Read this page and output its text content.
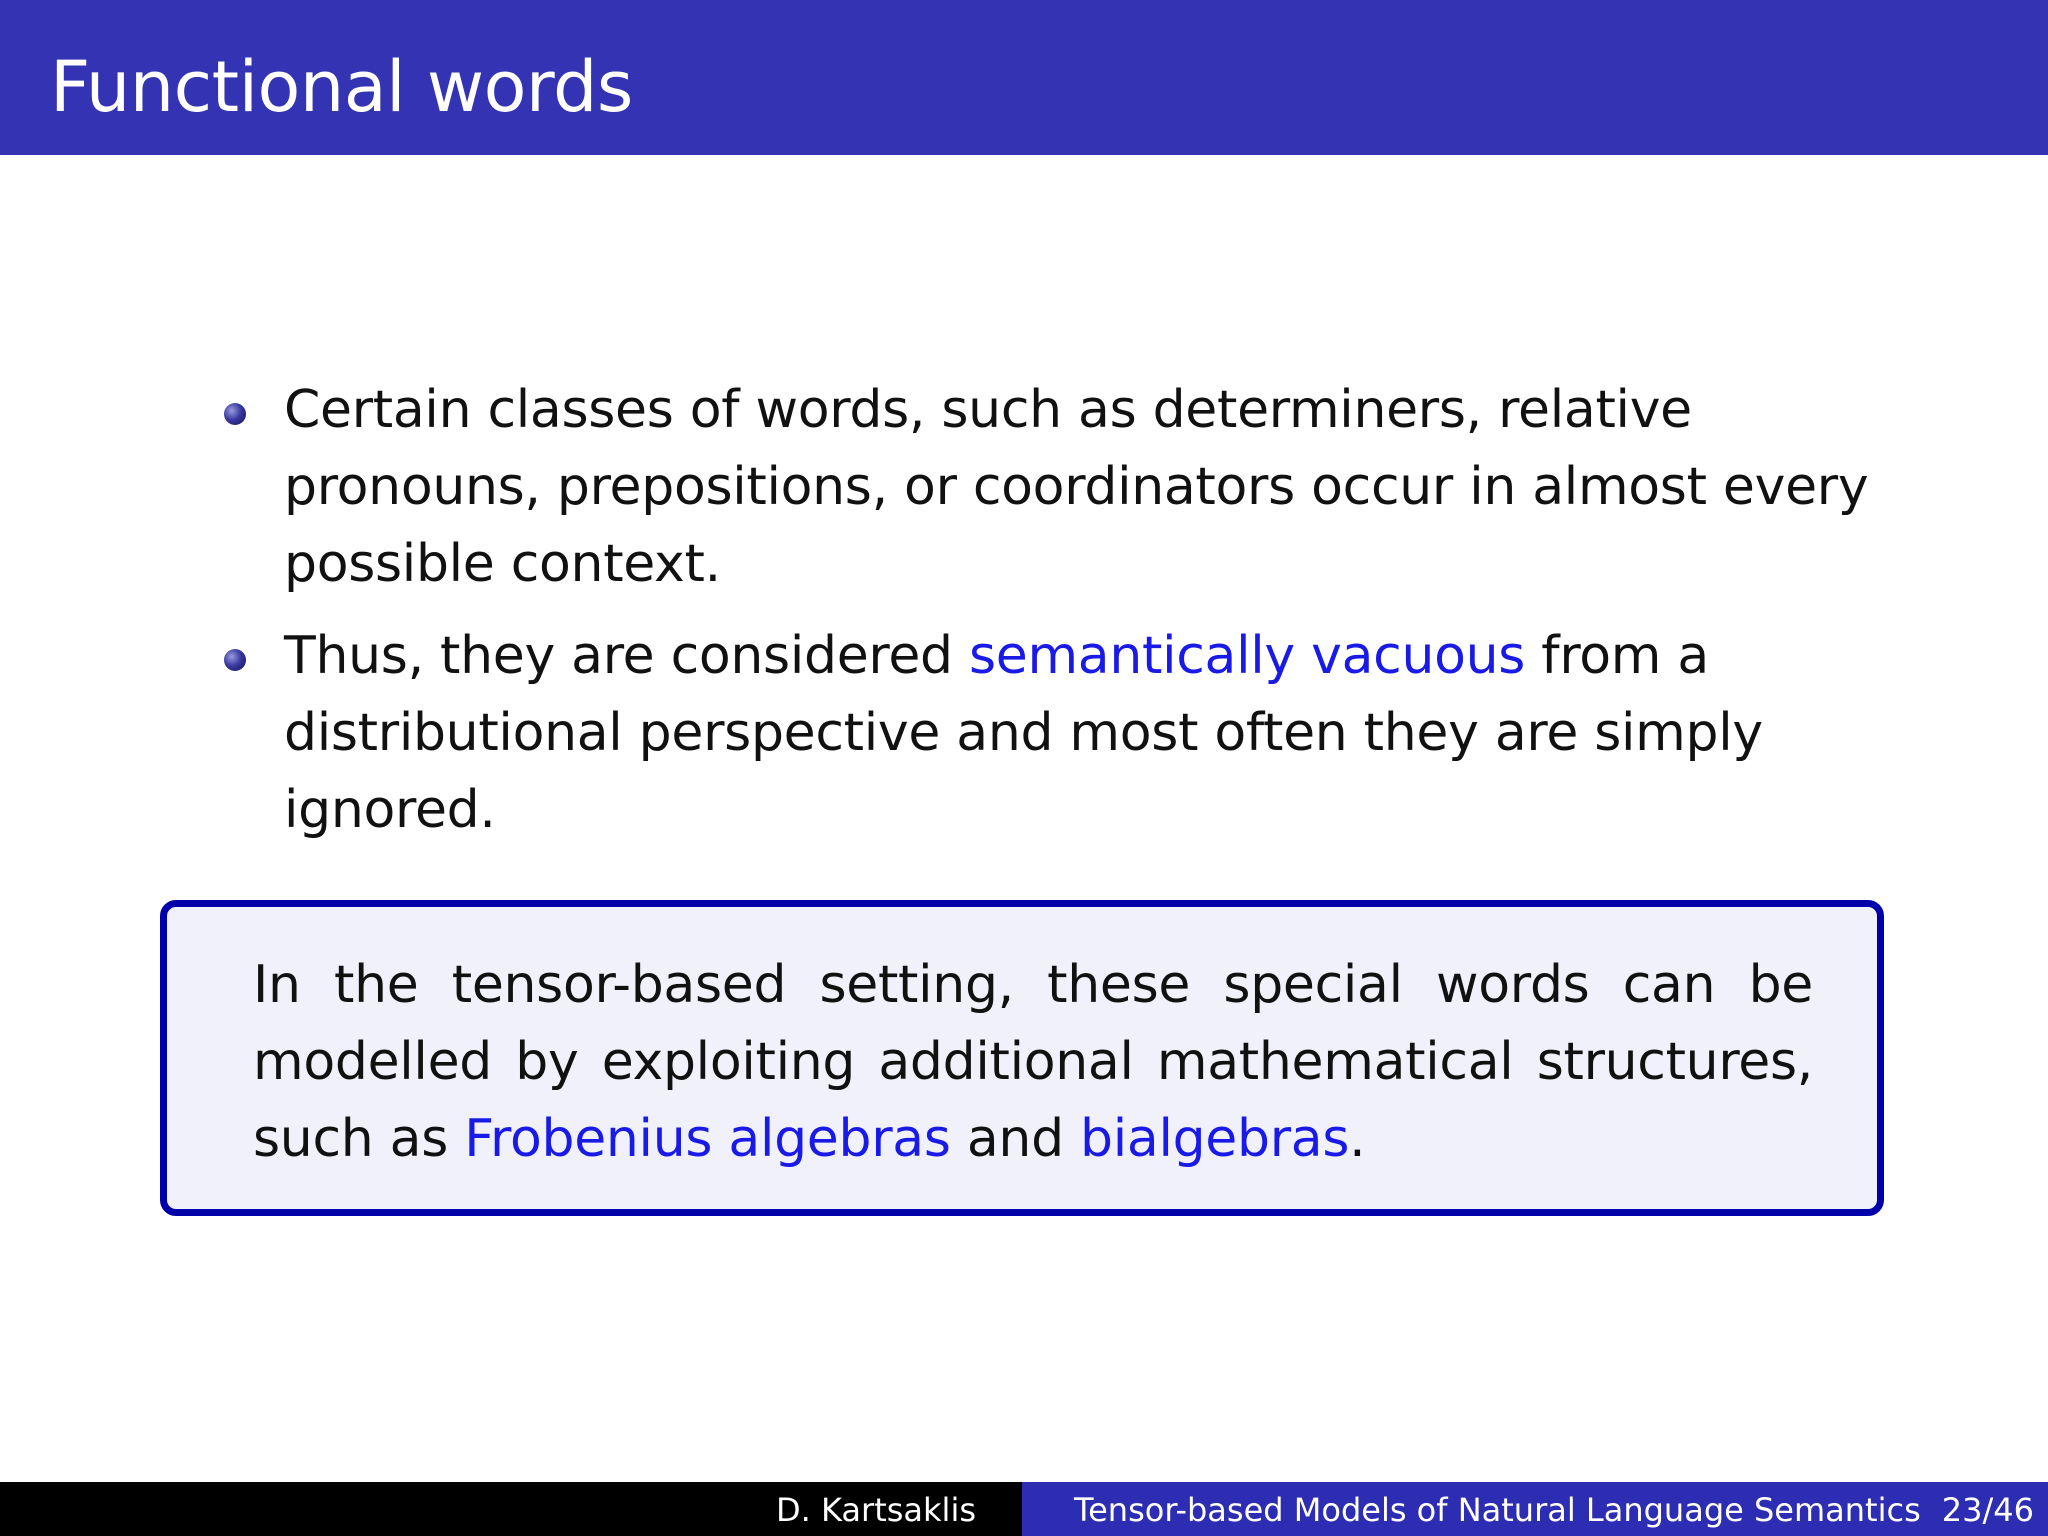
Functional words
Certain classes of words, such as determiners, relative pronouns, prepositions, or coordinators occur in almost every possible context.
Thus, they are considered semantically vacuous from a distributional perspective and most often they are simply ignored.

In the tensor-based setting, these special words can be modelled by exploiting additional mathematical structures, such as Frobenius algebras and bialgebras.

D. Kartsaklis	Tensor-based Models of Natural Language Semantics 23/46
